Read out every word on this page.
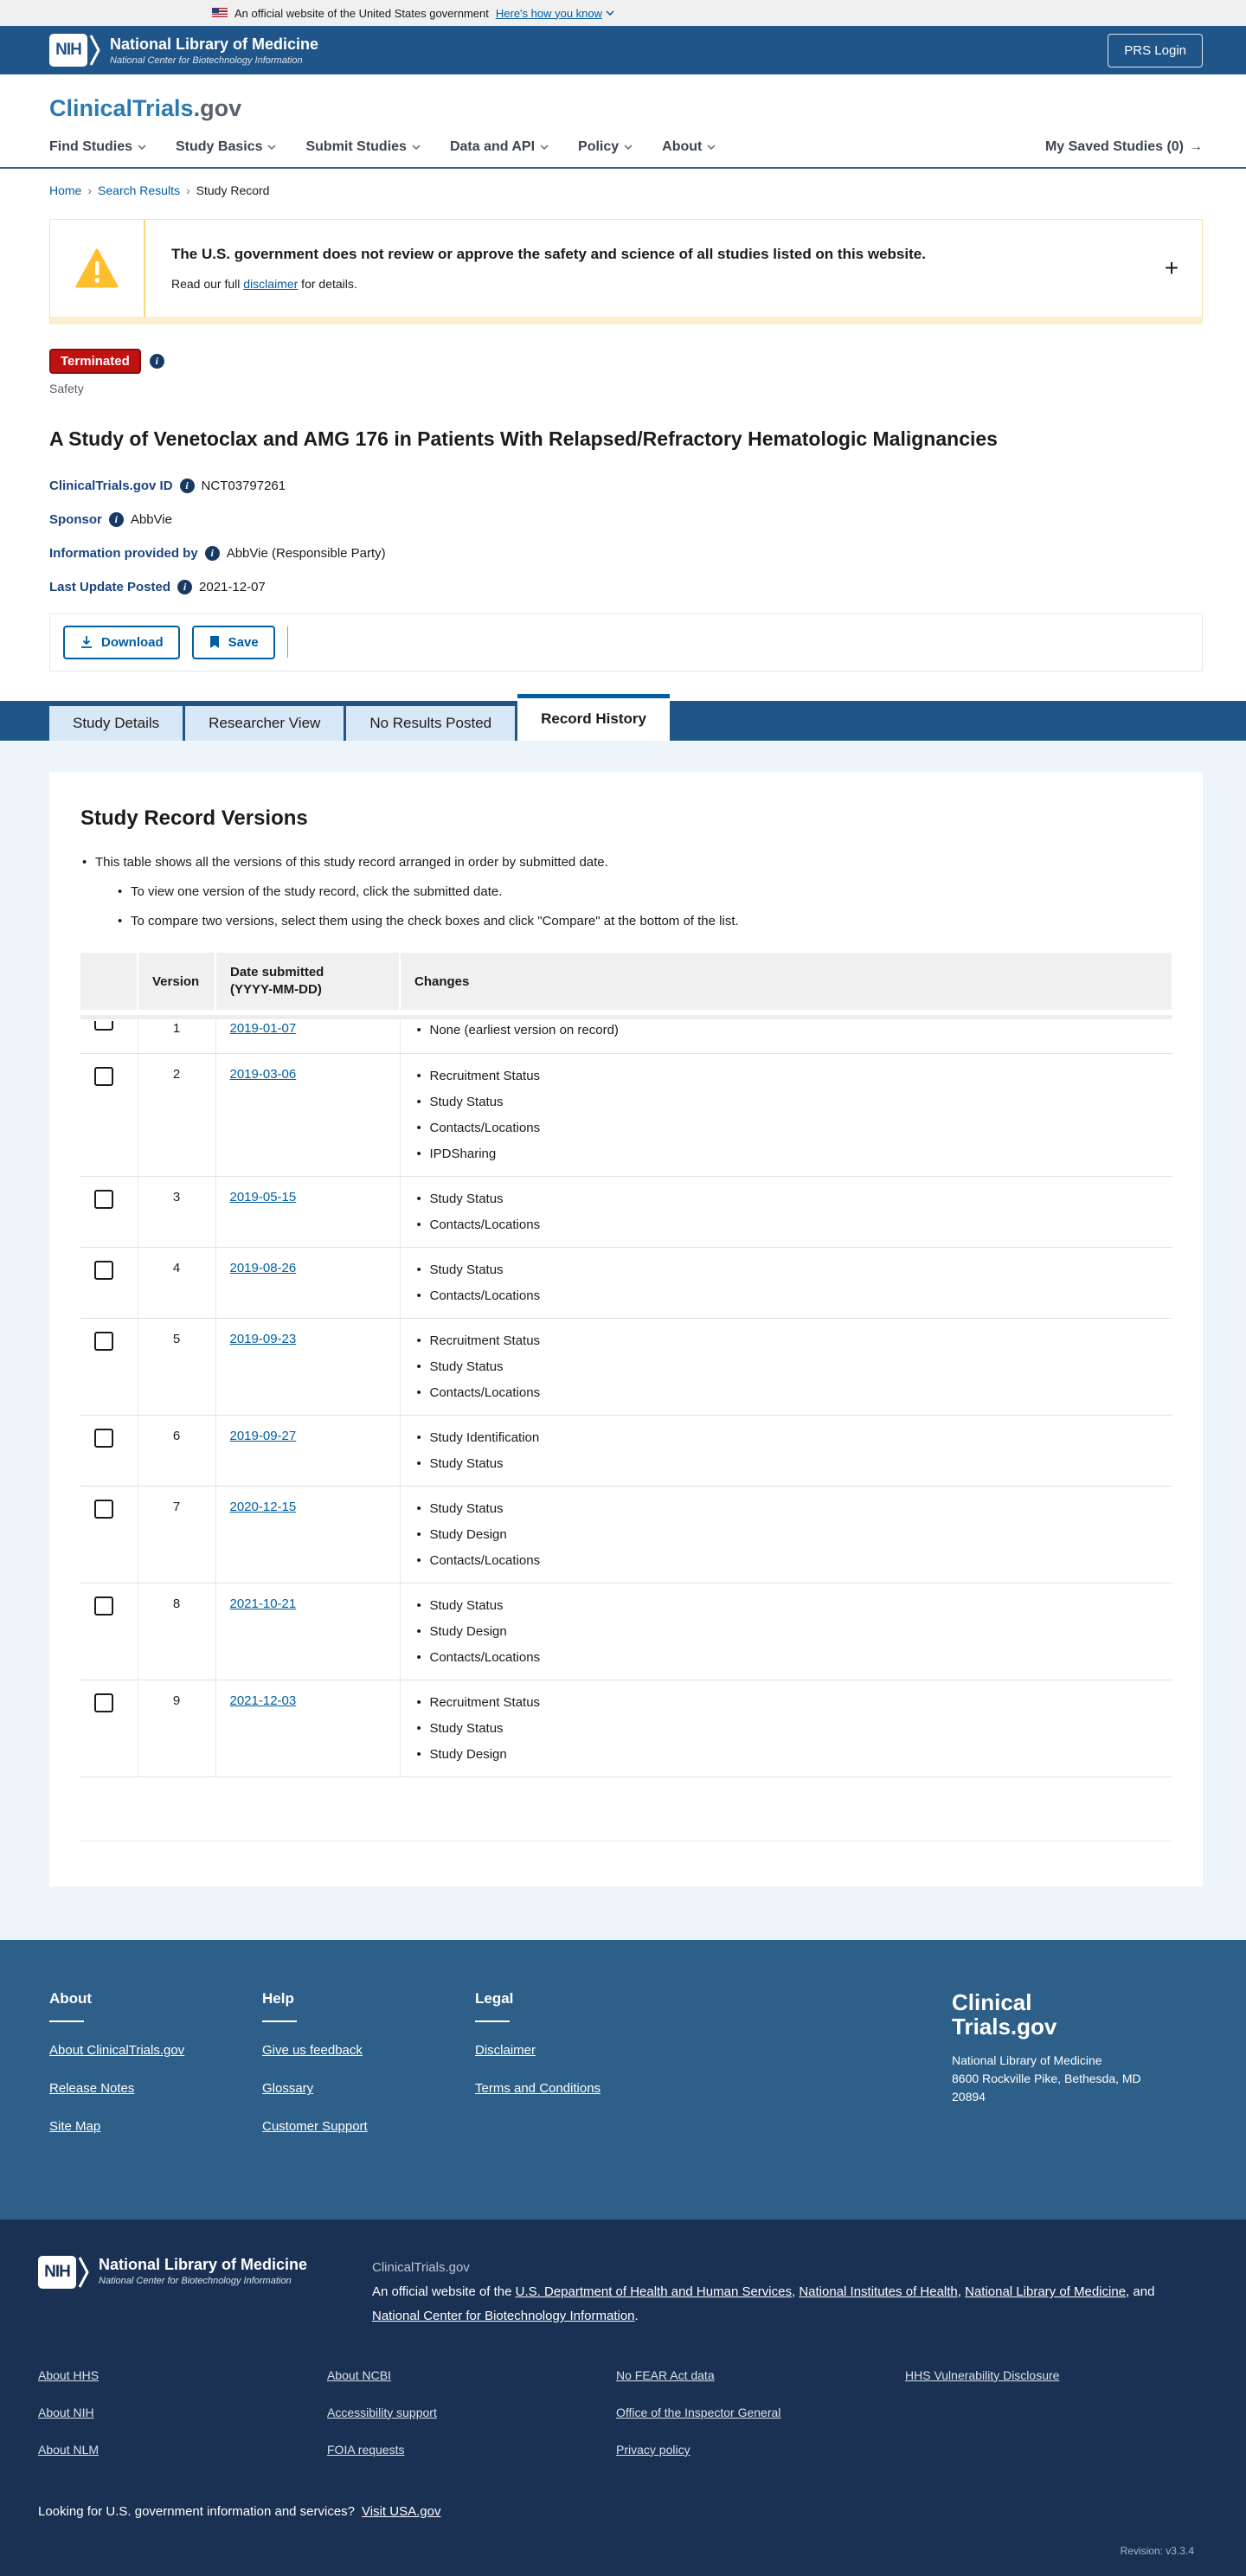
An official website of the United States government Here's how you know
NIH	National Library of Medicine
National Center for Biotechnology Information
PRS Login
ClinicalTrials.gov
Find Studies	Study Basics	Submit Studies	Data and API	Policy	About	My Saved Studies (0) →
Home › Search Results › Study Record
The U.S. government does not review or approve the safety and science of all studies listed on this website.
Read our full disclaimer for details.
+
Terminated	i
Safety
A Study of Venetoclax and AMG 176 in Patients With Relapsed/Refractory Hematologic Malignancies
ClinicalTrials.gov ID	i NCT03797261
Sponsor	i AbbVie
Information provided by	i AbbVie (Responsible Party)
Last Update Posted	i 2021-12-07
Download	Save
Study Details	Researcher View	No Results Posted	Record History
Study Record Versions
• This table shows all the versions of this study record arranged in order by submitted date.
• To view one version of the study record, click the submitted date.
• To compare two versions, select them using the check boxes and click "Compare" at the bottom of the list.
	Version	Date submitted
(YYYY-MM-DD)	Changes

	1	2019-01-07	
•None (earliest version on record)

	2	2019-03-06	
•Recruitment Status
• Study Status
• Contacts/Locations
• IPDSharing

	3	2019-05-15	
•Study Status
• Contacts/Locations

	4	2019-08-26	
•Study Status
• Contacts/Locations

	5	2019-09-23	
•Recruitment Status
• Study Status
• Contacts/Locations

	6	2019-09-27	
•Study Identification
• Study Status

	7	2020-12-15	
•Study Status
• Study Design
• Contacts/Locations

	8	2021-10-21	
•Study Status
• Study Design
• Contacts/Locations

	9	2021-12-03	
•Recruitment Status
• Study Status
• Study Design

About
About ClinicalTrials.gov
Release Notes
Site Map
Help
Give us feedback
Glossary
Customer Support
Legal
Disclaimer
Terms and Conditions
Clinical
Trials.gov
National Library of Medicine
8600 Rockville Pike, Bethesda, MD
20894
NIH	National Library of Medicine
National Center for Biotechnology Information
ClinicalTrials.gov
An official website of the U.S. Department of Health and Human Services, National Institutes of Health, National Library of Medicine, and National Center for Biotechnology Information.
About HHS
About NIH
About NLM
About NCBI
Accessibility support
FOIA requests
No FEAR Act data
Office of the Inspector General
Privacy policy
HHS Vulnerability Disclosure
Looking for U.S. government information and services? Visit USA.gov
Revision: v3.3.4
